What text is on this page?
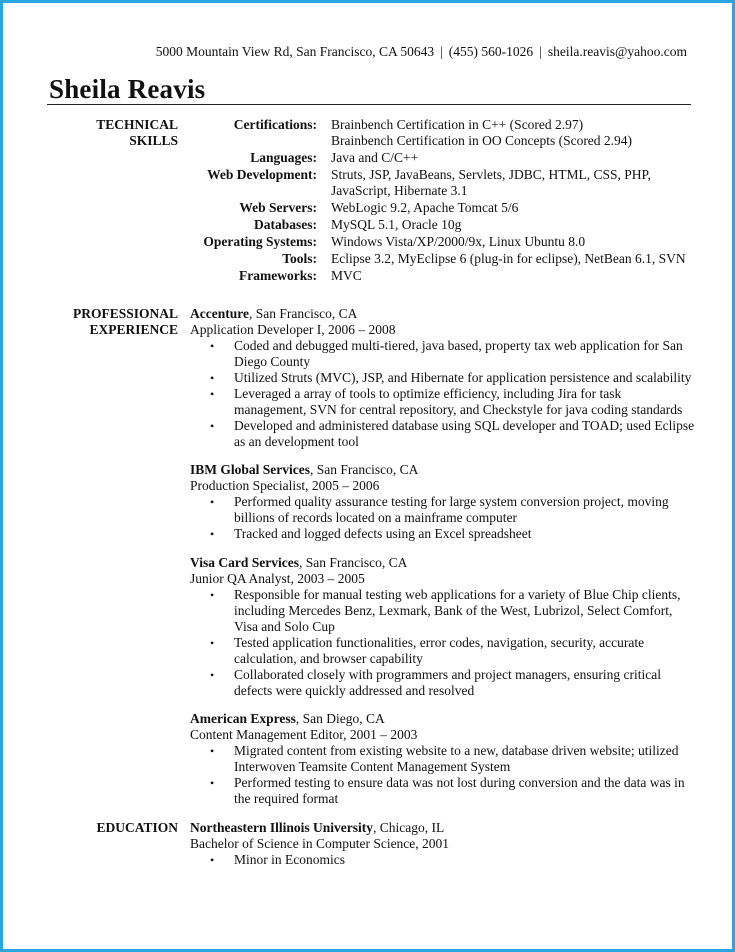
5000 Mountain View Rd, San Francisco, CA 50643 | (455) 560-1026 | sheila.reavis@yahoo.com
Sheila Reavis
TECHNICAL
SKILLS
Certifications:	Brainbench Certification in C++ (Scored 2.97)
Brainbench Certification in OO Concepts (Scored 2.94)

Languages:	Java and C/C++

Web Development:	Struts, JSP, JavaBeans, Servlets, JDBC, HTML, CSS, PHP,
JavaScript, Hibernate 3.1

Web Servers:	WebLogic 9.2, Apache Tomcat 5/6

Databases:	MySQL 5.1, Oracle 10g

Operating Systems:	Windows Vista/XP/2000/9x, Linux Ubuntu 8.0

Tools:	Eclipse 3.2, MyEclipse 6 (plug-in for eclipse), NetBean 6.1, SVN

Frameworks:	MVC
PROFESSIONAL
EXPERIENCE
Accenture, San Francisco, CA
Application Developer I, 2006 – 2008
• Coded and debugged multi-tiered, java based, property tax web application for San
Diego County
• Utilized Struts (MVC), JSP, and Hibernate for application persistence and scalability
• Leveraged a array of tools to optimize efficiency, including Jira for task
management, SVN for central repository, and Checkstyle for java coding standards
• Developed and administered database using SQL developer and TOAD; used Eclipse
as an development tool
IBM Global Services, San Francisco, CA
Production Specialist, 2005 – 2006
• Performed quality assurance testing for large system conversion project, moving
billions of records located on a mainframe computer
• Tracked and logged defects using an Excel spreadsheet
Visa Card Services, San Francisco, CA
Junior QA Analyst, 2003 – 2005
• Responsible for manual testing web applications for a variety of Blue Chip clients,
including Mercedes Benz, Lexmark, Bank of the West, Lubrizol, Select Comfort,
Visa and Solo Cup
• Tested application functionalities, error codes, navigation, security, accurate
calculation, and browser capability
• Collaborated closely with programmers and project managers, ensuring critical
defects were quickly addressed and resolved
American Express, San Diego, CA
Content Management Editor, 2001 – 2003
• Migrated content from existing website to a new, database driven website; utilized
Interwoven Teamsite Content Management System
• Performed testing to ensure data was not lost during conversion and the data was in
the required format
EDUCATION Northeastern Illinois University, Chicago, IL
Bachelor of Science in Computer Science, 2001
• Minor in Economics
